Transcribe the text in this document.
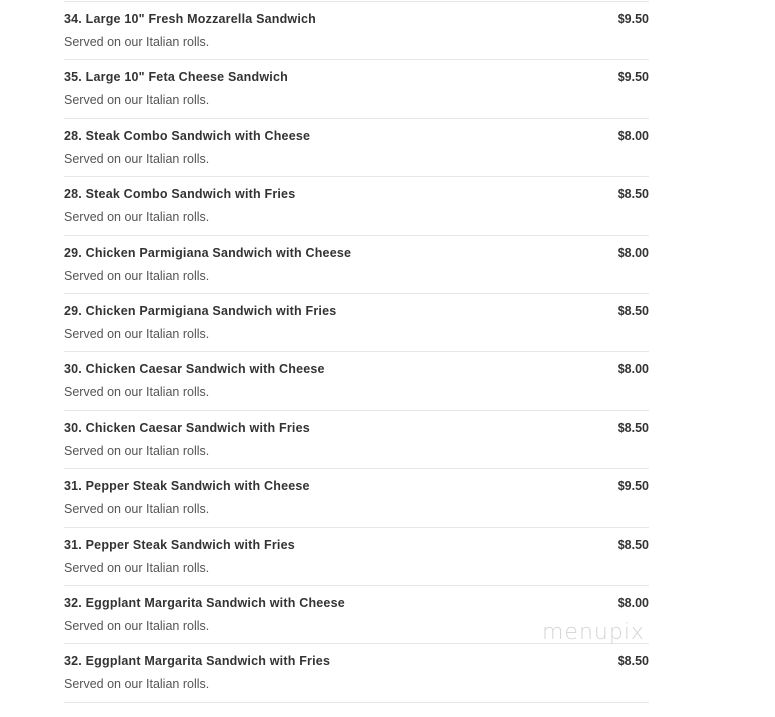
34. Large 10" Fresh Mozzarella Sandwich
Served on our Italian rolls.
$9.50
35. Large 10" Feta Cheese Sandwich
Served on our Italian rolls.
$9.50
28. Steak Combo Sandwich with Cheese
Served on our Italian rolls.
$8.00
28. Steak Combo Sandwich with Fries
Served on our Italian rolls.
$8.50
29. Chicken Parmigiana Sandwich with Cheese
Served on our Italian rolls.
$8.00
29. Chicken Parmigiana Sandwich with Fries
Served on our Italian rolls.
$8.50
30. Chicken Caesar Sandwich with Cheese
Served on our Italian rolls.
$8.00
30. Chicken Caesar Sandwich with Fries
Served on our Italian rolls.
$8.50
31. Pepper Steak Sandwich with Cheese
Served on our Italian rolls.
$9.50
31. Pepper Steak Sandwich with Fries
Served on our Italian rolls.
$8.50
32. Eggplant Margarita Sandwich with Cheese
Served on our Italian rolls.
$8.00
32. Eggplant Margarita Sandwich with Fries
Served on our Italian rolls.
$8.50
menupix
